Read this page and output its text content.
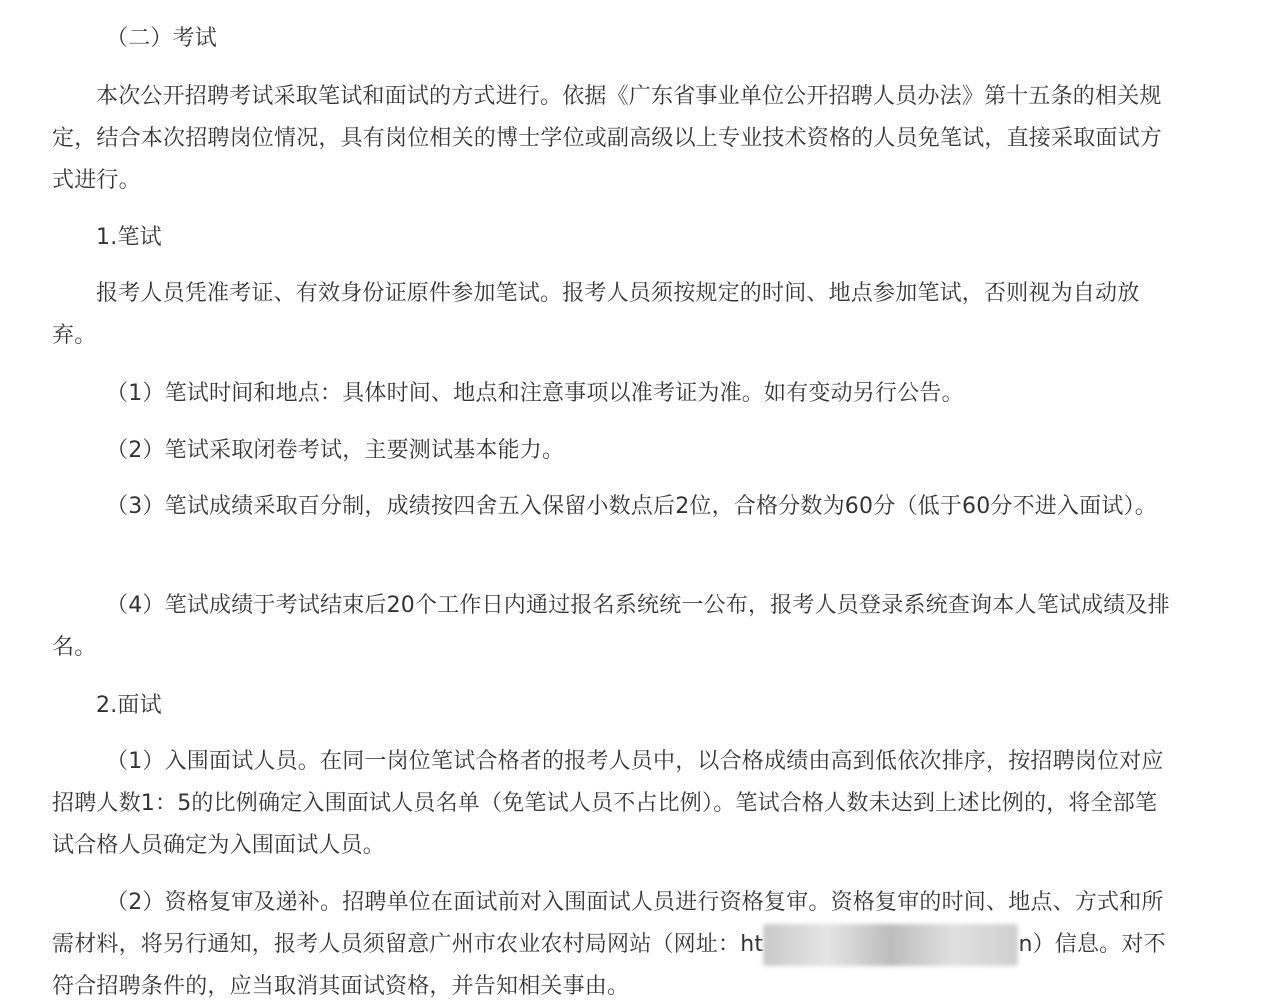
（二）考试

本次公开招聘考试采取笔试和面试的方式进行。依据《广东省事业单位公开招聘人员办法》第十五条的相关规定，结合本次招聘岗位情况，具有岗位相关的博士学位或副高级以上专业技术资格的人员免笔试，直接采取面试方式进行。

1.笔试

报考人员凭准考证、有效身份证原件参加笔试。报考人员须按规定的时间、地点参加笔试，否则视为自动放弃。

（1）笔试时间和地点：具体时间、地点和注意事项以准考证为准。如有变动另行公告。

（2）笔试采取闭卷考试，主要测试基本能力。

（3）笔试成绩采取百分制，成绩按四舍五入保留小数点后2位，合格分数为60分（低于60分不进入面试）。

（4）笔试成绩于考试结束后20个工作日内通过报名系统统一公布，报考人员登录系统查询本人笔试成绩及排名。

2.面试

（1）入围面试人员。在同一岗位笔试合格者的报考人员中，以合格成绩由高到低依次排序，按招聘岗位对应招聘人数1：5的比例确定入围面试人员名单（免笔试人员不占比例）。笔试合格人数未达到上述比例的，将全部笔试合格人员确定为入围面试人员。

（2）资格复审及递补。招聘单位在面试前对入围面试人员进行资格复审。资格复审的时间、地点、方式和所需材料，将另行通知，报考人员须留意广州市农业农村局网站（网址：ht	n）信息。对不符合招聘条件的，应当取消其面试资格，并告知相关事由。
